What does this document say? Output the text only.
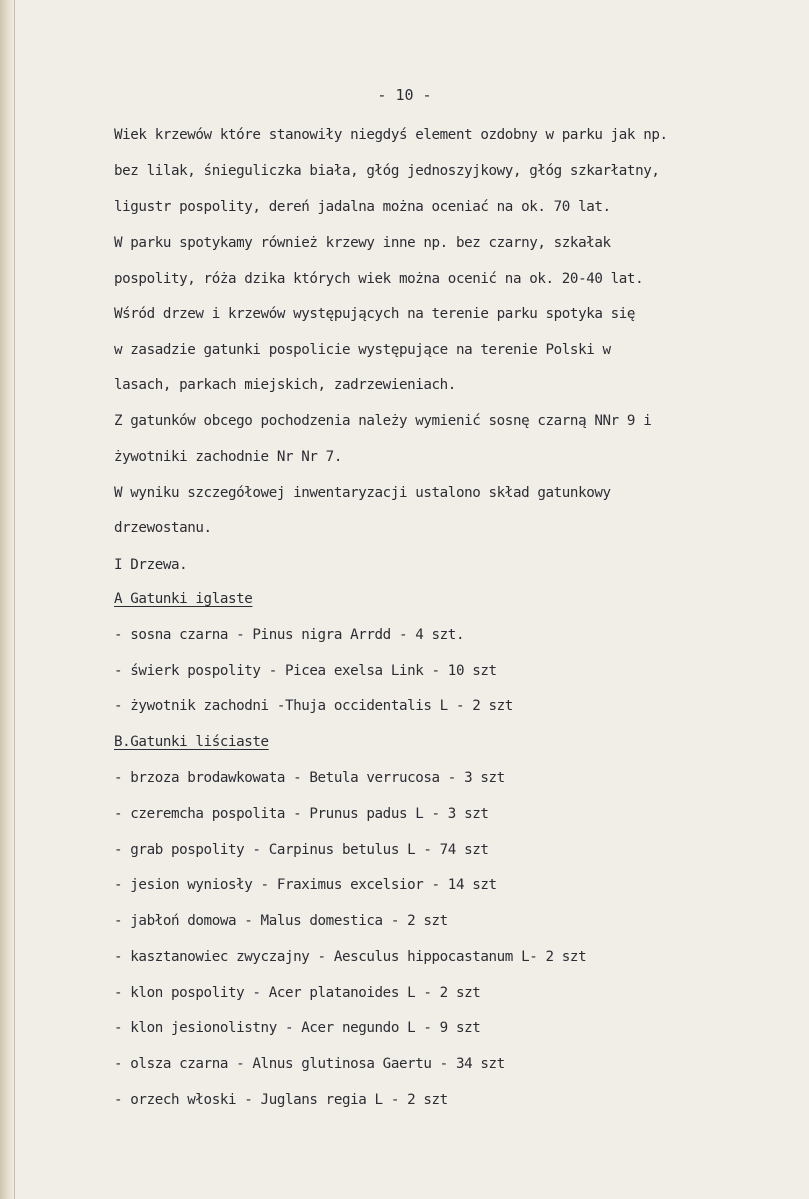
- 10 -
Wiek krzewów które stanowiły niegdyś element ozdobny w parku jak np.
bez lilak, śnieguliczka biała, głóg jednoszyjkowy, głóg szkarłatny,
ligustr pospolity, dereń jadalna można oceniać na ok. 70 lat.
W parku spotykamy również krzewy inne np. bez czarny, szkałak
pospolity, róża dzika których wiek można ocenić na ok. 20-40 lat.
Wśród drzew i krzewów występujących na terenie parku spotyka się
w zasadzie gatunki pospolicie występujące na terenie Polski w
lasach, parkach miejskich, zadrzewieniach.
Z gatunków obcego pochodzenia należy wymienić sosnę czarną NNr 9 i
żywotniki zachodnie Nr Nr 7.
W wyniku szczegółowej inwentaryzacji ustalono skład gatunkowy
drzewostanu.
I Drzewa.
A Gatunki iglaste
- sosna czarna - Pinus nigra Arrdd - 4 szt.
- świerk pospolity - Picea exelsa Link - 10 szt
- żywotnik zachodni -Thuja occidentalis L - 2 szt
B.Gatunki liściaste
- brzoza brodawkowata - Betula verrucosa - 3 szt
- czeremcha pospolita - Prunus padus L - 3 szt
- grab pospolity - Carpinus betulus L - 74 szt
- jesion wyniosły - Fraximus excelsior - 14 szt
- jabłoń domowa - Malus domestica - 2 szt
- kasztanowiec zwyczajny - Aesculus hippocastanum L- 2 szt
- klon pospolity - Acer platanoides L - 2 szt
- klon jesionolistny - Acer negundo L - 9 szt
- olsza czarna - Alnus glutinosa Gaertu - 34 szt
- orzech włoski - Juglans regia L - 2 szt
